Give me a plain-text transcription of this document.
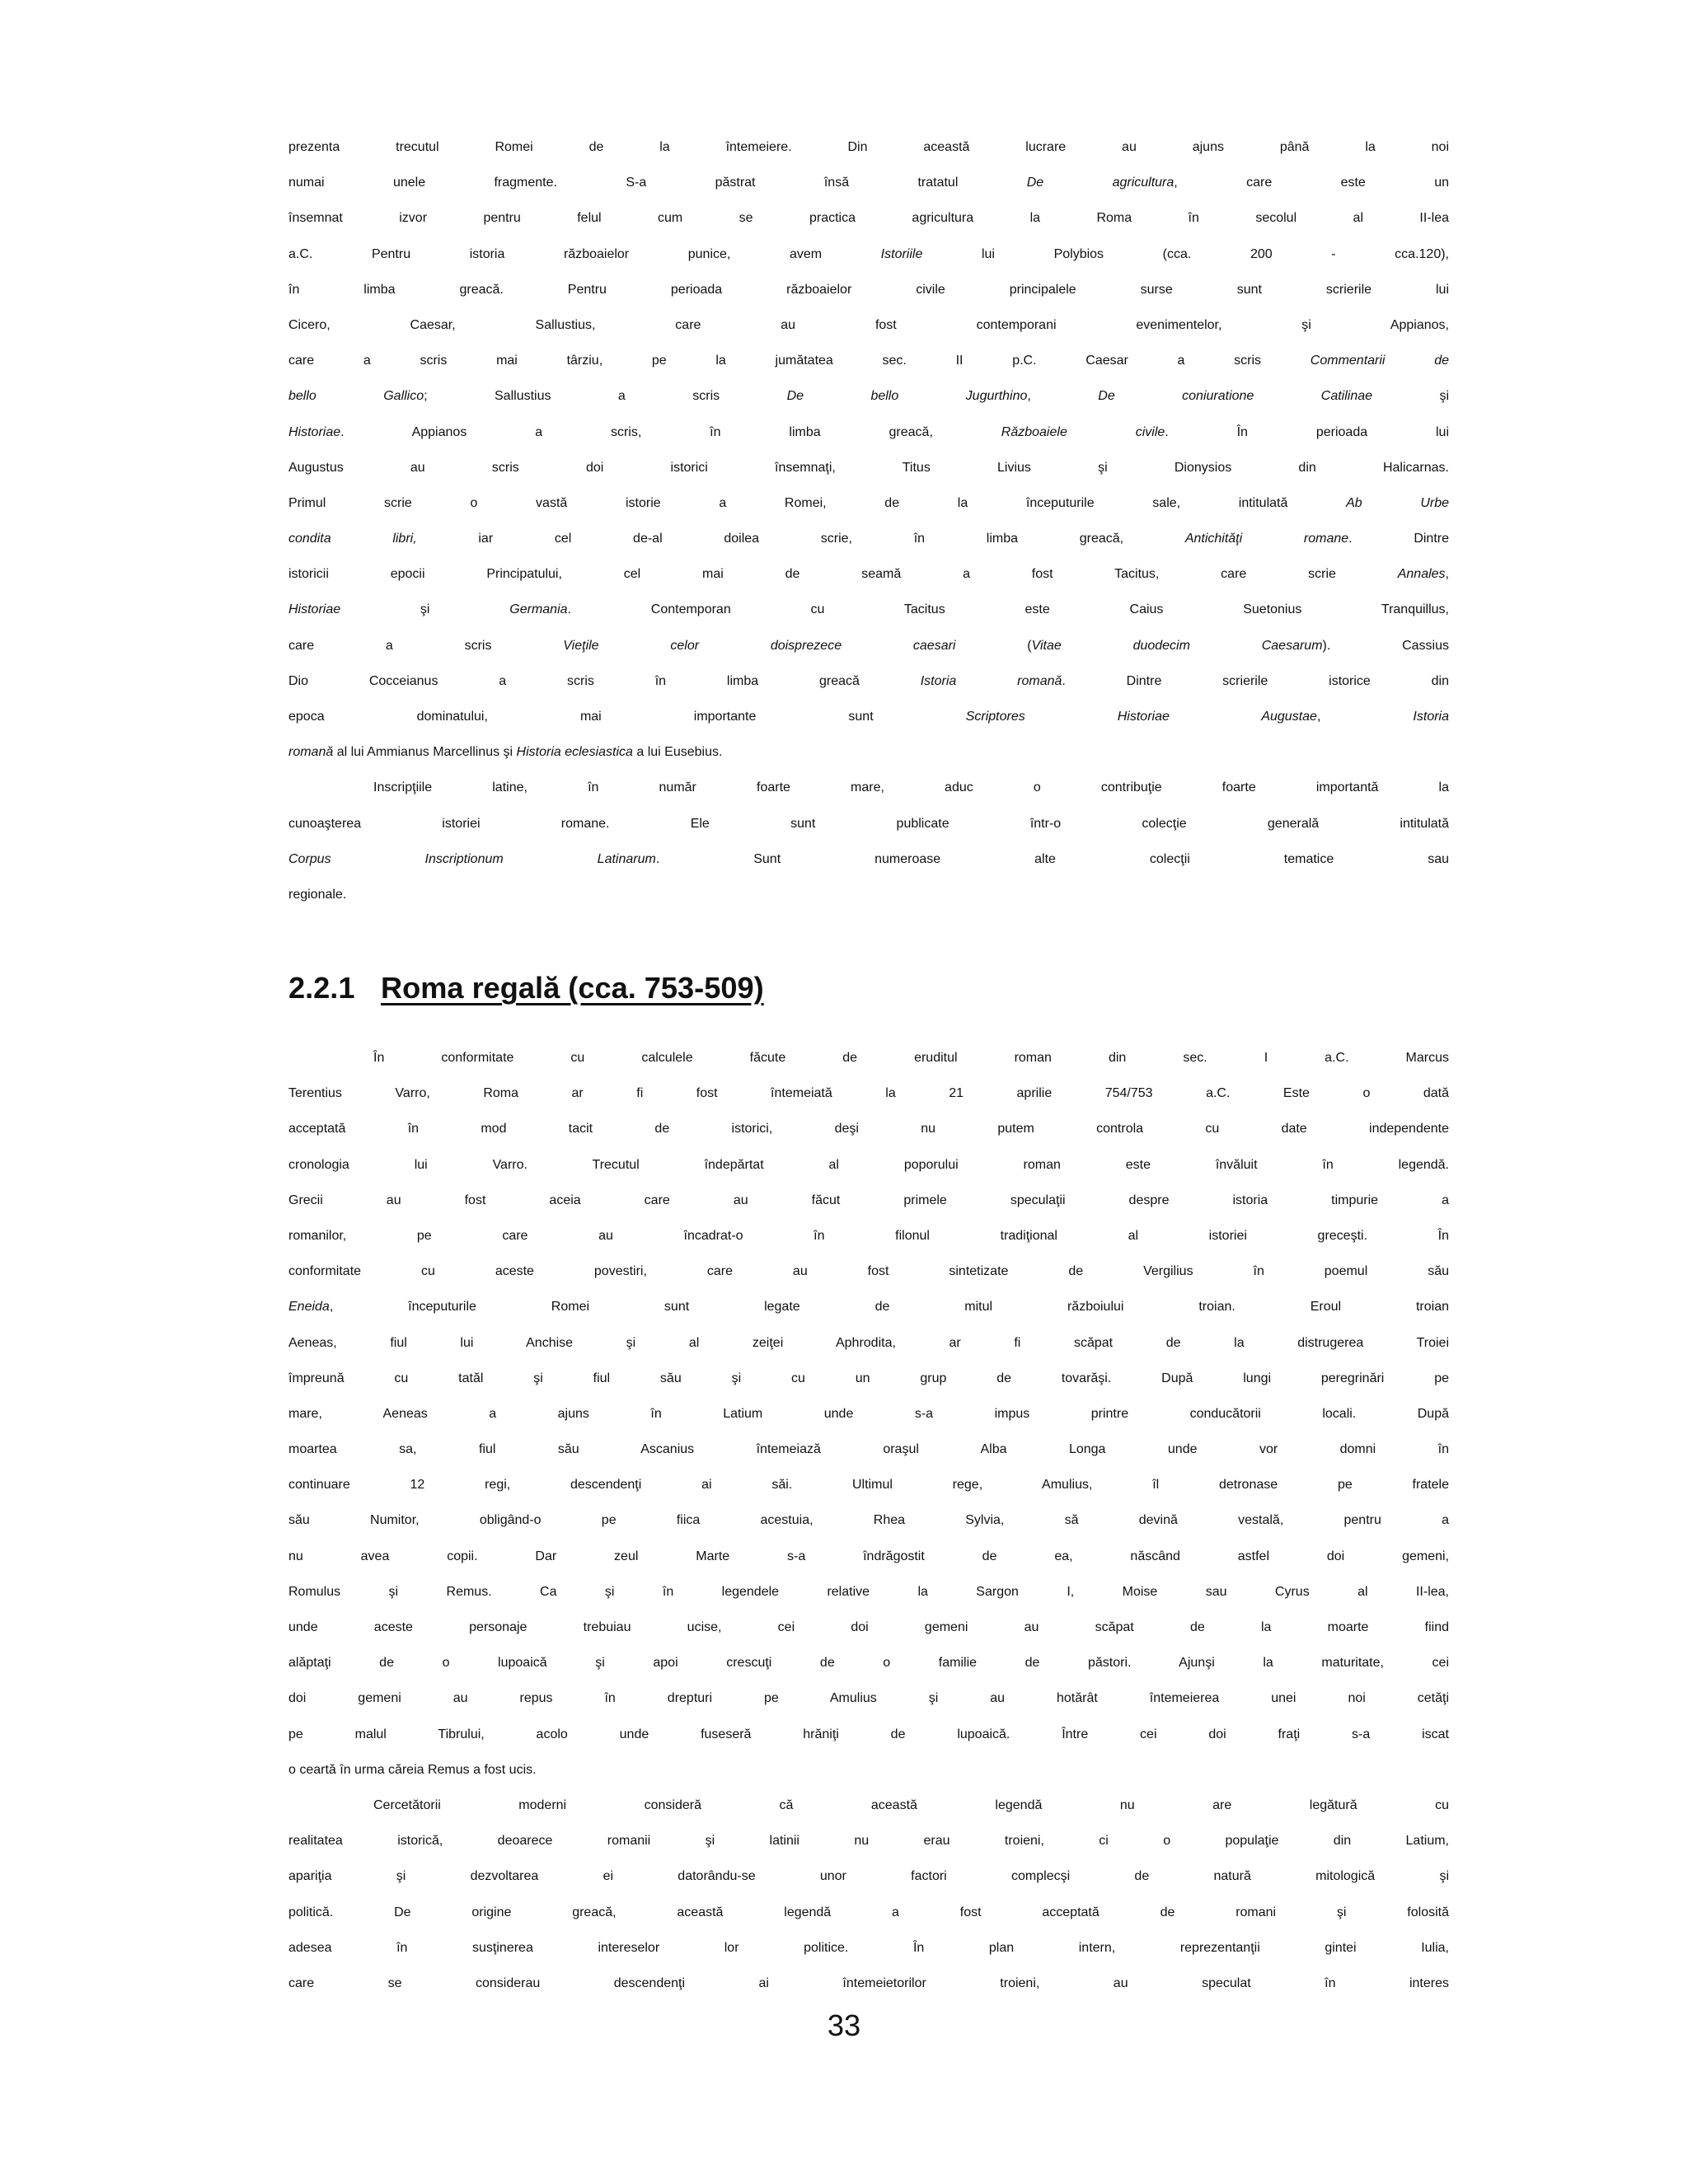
prezenta trecutul Romei de la întemeiere. Din această lucrare au ajuns până la noi
numai unele fragmente. S-a păstrat însă tratatul De agricultura, care este un
însemnat izvor pentru felul cum se practica agricultura la Roma în secolul al II-lea
a.C. Pentru istoria războaielor punice, avem Istoriile lui Polybios (cca. 200 - cca.120),
în limba greacă. Pentru perioada războaielor civile principalele surse sunt scrierile lui
Cicero, Caesar, Sallustius, care au fost contemporani evenimentelor, şi Appianos,
care a scris mai târziu, pe la jumătatea sec. II p.C. Caesar a scris Commentarii de
bello Gallico; Sallustius a scris De bello Jugurthino, De coniuratione Catilinae şi
Historiae. Appianos a scris, în limba greacă, Războaiele civile. În perioada lui
Augustus au scris doi istorici însemnaţi, Titus Livius şi Dionysios din Halicarnas.
Primul scrie o vastă istorie a Romei, de la începuturile sale, intitulată Ab Urbe
condita libri, iar cel de-al doilea scrie, în limba greacă, Antichităţi romane. Dintre
istoricii epocii Principatului, cel mai de seamă a fost Tacitus, care scrie Annales,
Historiae şi Germania. Contemporan cu Tacitus este Caius Suetonius Tranquillus,
care a scris Vieţile celor doisprezece caesari (Vitae duodecim Caesarum). Cassius
Dio Cocceianus a scris în limba greacă Istoria romană. Dintre scrierile istorice din
epoca dominatului, mai importante sunt Scriptores Historiae Augustae, Istoria
romană al lui Ammianus Marcellinus şi Historia eclesiastica a lui Eusebius.
Inscripţiile latine, în număr foarte mare, aduc o contribuţie foarte importantă la
cunoaşterea istoriei romane. Ele sunt publicate într-o colecţie generală intitulată
Corpus Inscriptionum Latinarum. Sunt numeroase alte colecţii tematice sau
regionale.
2.2.1 Roma regală (cca. 753-509)
În conformitate cu calculele făcute de eruditul roman din sec. I a.C. Marcus
Terentius Varro, Roma ar fi fost întemeiată la 21 aprilie 754/753 a.C. Este o dată
acceptată în mod tacit de istorici, deşi nu putem controla cu date independente
cronologia lui Varro. Trecutul îndepărtat al poporului roman este învăluit în legendă.
Grecii au fost aceia care au făcut primele speculaţii despre istoria timpurie a
romanilor, pe care au încadrat-o în filonul tradiţional al istoriei greceşti. În
conformitate cu aceste povestiri, care au fost sintetizate de Vergilius în poemul său
Eneida, începuturile Romei sunt legate de mitul războiului troian. Eroul troian
Aeneas, fiul lui Anchise şi al zeiţei Aphrodita, ar fi scăpat de la distrugerea Troiei
împreună cu tatăl şi fiul său şi cu un grup de tovarăşi. După lungi peregrinări pe
mare, Aeneas a ajuns în Latium unde s-a impus printre conducătorii locali. După
moartea sa, fiul său Ascanius întemeiază oraşul Alba Longa unde vor domni în
continuare 12 regi, descendenţi ai săi. Ultimul rege, Amulius, îl detronase pe fratele
său Numitor, obligând-o pe fiica acestuia, Rhea Sylvia, să devină vestală, pentru a
nu avea copii. Dar zeul Marte s-a îndrăgostit de ea, născând astfel doi gemeni,
Romulus şi Remus. Ca şi în legendele relative la Sargon I, Moise sau Cyrus al II-lea,
unde aceste personaje trebuiau ucise, cei doi gemeni au scăpat de la moarte fiind
alăptaţi de o lupoaică şi apoi crescuţi de o familie de păstori. Ajunşi la maturitate, cei
doi gemeni au repus în drepturi pe Amulius şi au hotărât întemeierea unei noi cetăţi
pe malul Tibrului, acolo unde fuseseră hrăniţi de lupoaică. Între cei doi fraţi s-a iscat
o ceartă în urma căreia Remus a fost ucis.
Cercetătorii moderni consideră că această legendă nu are legătură cu
realitatea istorică, deoarece romanii şi latinii nu erau troieni, ci o populaţie din Latium,
apariţia şi dezvoltarea ei datorându-se unor factori complecşi de natură mitologică şi
politică. De origine greacă, această legendă a fost acceptată de romani şi folosită
adesea în susţinerea intereselor lor politice. În plan intern, reprezentanţii gintei Iulia,
care se considerau descendenţi ai întemeietorilor troieni, au speculat în interes
33
